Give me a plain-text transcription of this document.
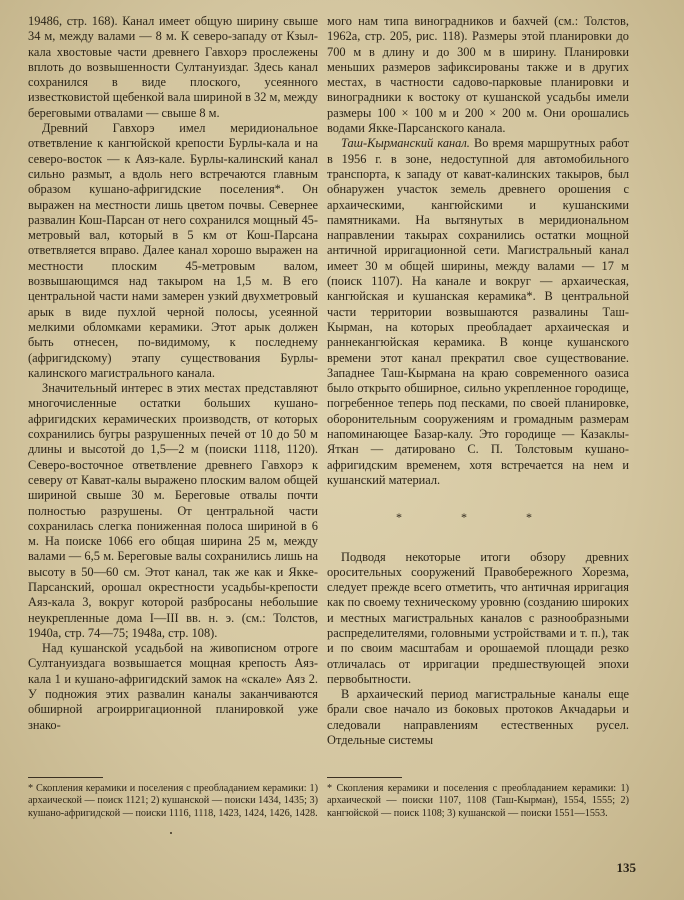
19486, стр. 168). Канал имеет общую ширину свыше 34 м, между валами — 8 м. К северо-западу от Кзыл-кала хвостовые части древнего Гавхорэ прослежены вплоть до возвышенности Султануиздаг. Здесь канал сохранился в виде плоского, усеянного известковистой щебенкой вала шириной в 32 м, между береговыми отвалами — свыше 8 м.

Древний Гавхорэ имел меридиональное ответвление к кангюйской крепости Бурлы-кала и на северо-восток — к Аяз-кале. Бурлы-калинский канал сильно размыт, а вдоль него встречаются главным образом кушано-афригидские поселения*. Он выражен на местности лишь цветом почвы. Севернее развалин Кош-Парсан от него сохранился мощный 45-метровый вал, который в 5 км от Кош-Парсана ответвляется вправо. Далее канал хорошо выражен на местности плоским 45-метровым валом, возвышающимся над такыром на 1,5 м. В его центральной части нами замерен узкий двухметровый арык в виде пухлой черной полосы, усеянной мелкими обломками керамики. Этот арык должен быть отнесен, по-видимому, к последнему (афригидскому) этапу существования Бурлы-калинского магистрального канала.

Значительный интерес в этих местах представляют многочисленные остатки больших кушано-афригидских керамических производств, от которых сохранились бугры разрушенных печей от 10 до 50 м длины и высотой до 1,5—2 м (поиски 1118, 1120). Северо-восточное ответвление древнего Гавхорэ к северу от Кават-калы выражено плоским валом общей шириной свыше 30 м. Береговые отвалы почти полностью разрушены. От центральной части сохранилась слегка пониженная полоса шириной в 6 м. На поиске 1066 его общая ширина 25 м, между валами — 6,5 м. Береговые валы сохранились лишь на высоту в 50—60 см. Этот канал, так же как и Якке-Парсанский, орошал окрестности усадьбы-крепости Аяз-кала 3, вокруг которой разбросаны небольшие неукрепленные дома I—III вв. н. э. (см.: Толстов, 1940а, стр. 74—75; 1948а, стр. 108).

Над кушанской усадьбой на живописном отроге Султануиздага возвышается мощная крепость Аяз-кала 1 и кушано-афригидский замок на «скале» Аяз 2. У подножия этих развалин каналы заканчиваются обширной агроирригационной планировкой уже знако-

мого нам типа виноградников и бахчей (см.: Толстов, 1962а, стр. 205, рис. 118). Размеры этой планировки до 700 м в длину и до 300 м в ширину. Планировки меньших размеров зафиксированы также и в других местах, в частности садово-парковые планировки и виноградники к востоку от кушанской усадьбы имели размеры 100 × 100 м и 200 × 200 м. Они орошались водами Якке-Парсанского канала.

Таш-Кырманский канал. Во время маршрутных работ в 1956 г. в зоне, недоступной для автомобильного транспорта, к западу от кават-калинских такыров, был обнаружен участок земель древнего орошения с архаическими, кангюйскими и кушанскими памятниками. На вытянутых в меридиональном направлении такырах сохранились остатки мощной античной ирригационной сети. Магистральный канал имеет 30 м общей ширины, между валами — 17 м (поиск 1107). На канале и вокруг — архаическая, кангюйская и кушанская керамика*. В центральной части территории возвышаются развалины Таш-Кырман, на которых преобладает архаическая и раннекангюйская керамика. В конце кушанского времени этот канал прекратил свое существование. Западнее Таш-Кырмана на краю современного оазиса было открыто обширное, сильно укрепленное городище, погребенное теперь под песками, по своей планировке, оборонительным сооружениям и громадным размерам напоминающее Базар-калу. Это городище — Казаклы-Яткан — датировано С. П. Толстовым кушано-афригидским временем, хотя встречается на нем и кушанский материал.

* * *

Подводя некоторые итоги обзору древних оросительных сооружений Правобережного Хорезма, следует прежде всего отметить, что античная ирригация как по своему техническому уровню (созданию широких и местных магистральных каналов с разнообразными распределителями, головными устройствами и т. п.), так и по своим масштабам и орошаемой площади резко отличалась от ирригации предшествующей эпохи первобытности.

В архаический период магистральные каналы еще брали свое начало из боковых протоков Акчадарьи и следовали направлениям естественных русел. Отдельные системы

* Скопления керамики и поселения с преобладанием керамики: 1) архаической — поиск 1121; 2) кушанской — поиски 1434, 1435; 3) кушано-афригидской — поиски 1116, 1118, 1423, 1424, 1426, 1428.
* Скопления керамики и поселения с преобладанием керамики: 1) архаической — поиски 1107, 1108 (Таш-Кырман), 1554, 1555; 2) кангюйской — поиск 1108; 3) кушанской — поиски 1551—1553.
135
